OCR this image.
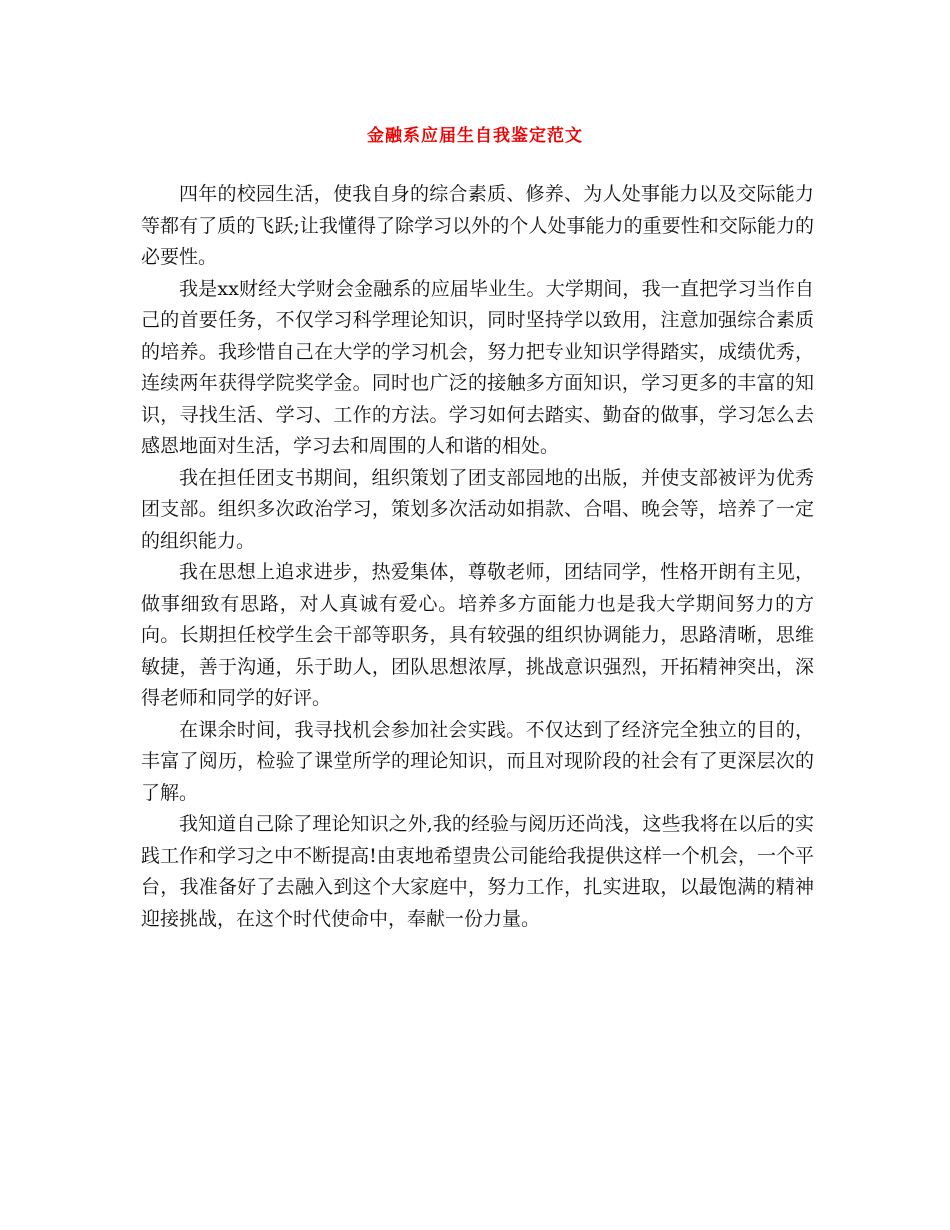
金融系应届生自我鉴定范文

四年的校园生活，使我自身的综合素质、修养、为人处事能力以及交际能力等都有了质的飞跃;让我懂得了除学习以外的个人处事能力的重要性和交际能力的必要性。

我是xx财经大学财会金融系的应届毕业生。大学期间，我一直把学习当作自己的首要任务，不仅学习科学理论知识，同时坚持学以致用，注意加强综合素质的培养。我珍惜自己在大学的学习机会，努力把专业知识学得踏实，成绩优秀，连续两年获得学院奖学金。同时也广泛的接触多方面知识，学习更多的丰富的知识，寻找生活、学习、工作的方法。学习如何去踏实、勤奋的做事，学习怎么去感恩地面对生活，学习去和周围的人和谐的相处。

我在担任团支书期间，组织策划了团支部园地的出版，并使支部被评为优秀团支部。组织多次政治学习，策划多次活动如捐款、合唱、晚会等，培养了一定的组织能力。

我在思想上追求进步，热爱集体，尊敬老师，团结同学，性格开朗有主见，做事细致有思路，对人真诚有爱心。培养多方面能力也是我大学期间努力的方向。长期担任校学生会干部等职务，具有较强的组织协调能力，思路清晰，思维敏捷，善于沟通，乐于助人，团队思想浓厚，挑战意识强烈，开拓精神突出，深得老师和同学的好评。

在课余时间，我寻找机会参加社会实践。不仅达到了经济完全独立的目的，丰富了阅历，检验了课堂所学的理论知识，而且对现阶段的社会有了更深层次的了解。

我知道自己除了理论知识之外,我的经验与阅历还尚浅，这些我将在以后的实践工作和学习之中不断提高!由衷地希望贵公司能给我提供这样一个机会，一个平台，我准备好了去融入到这个大家庭中，努力工作，扎实进取，以最饱满的精神迎接挑战，在这个时代使命中，奉献一份力量。
